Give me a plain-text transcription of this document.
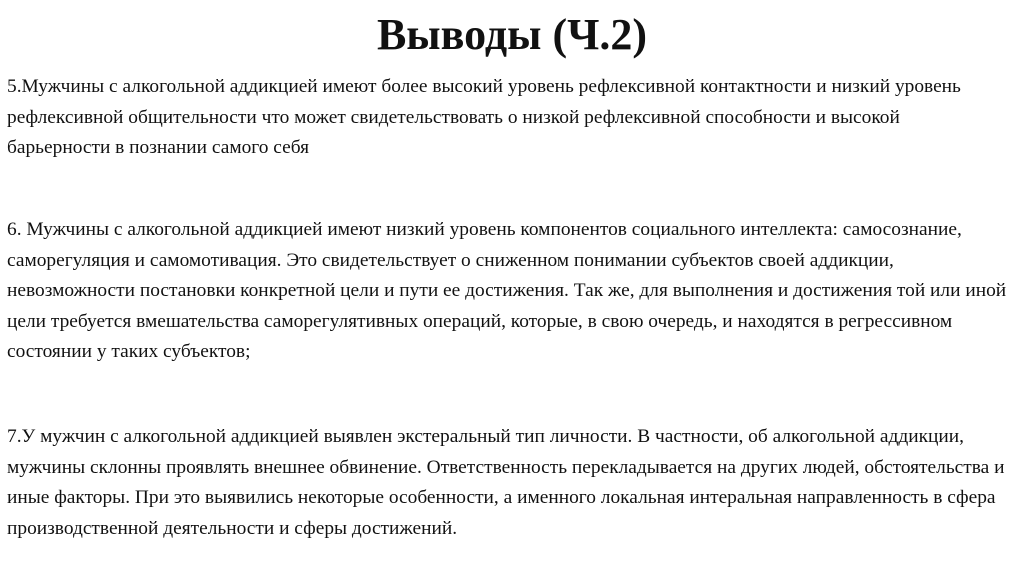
Выводы (Ч.2)

5.Мужчины с алкогольной аддикцией имеют более высокий уровень рефлексивной контактности и низкий уровень рефлексивной общительности что может свидетельствовать о низкой рефлексивной способности и высокой барьерности в познании самого себя

6. Мужчины с алкогольной аддикцией имеют низкий уровень компонентов социального интеллекта: самосознание, саморегуляция и самомотивация. Это свидетельствует о сниженном понимании субъектов своей аддикции, невозможности постановки конкретной цели и пути ее достижения. Так же, для выполнения и достижения той или иной цели требуется вмешательства саморегулятивных операций, которые, в свою очередь, и находятся в регрессивном состоянии у таких субъектов;

7.У мужчин с алкогольной аддикцией выявлен экстеральный тип личности. В частности, об алкогольной аддикции, мужчины склонны проявлять внешнее обвинение. Ответственность перекладывается на других людей, обстоятельства и иные факторы. При это выявились некоторые особенности, а именного локальная интеральная направленность в сфера производственной деятельности и сферы достижений.
